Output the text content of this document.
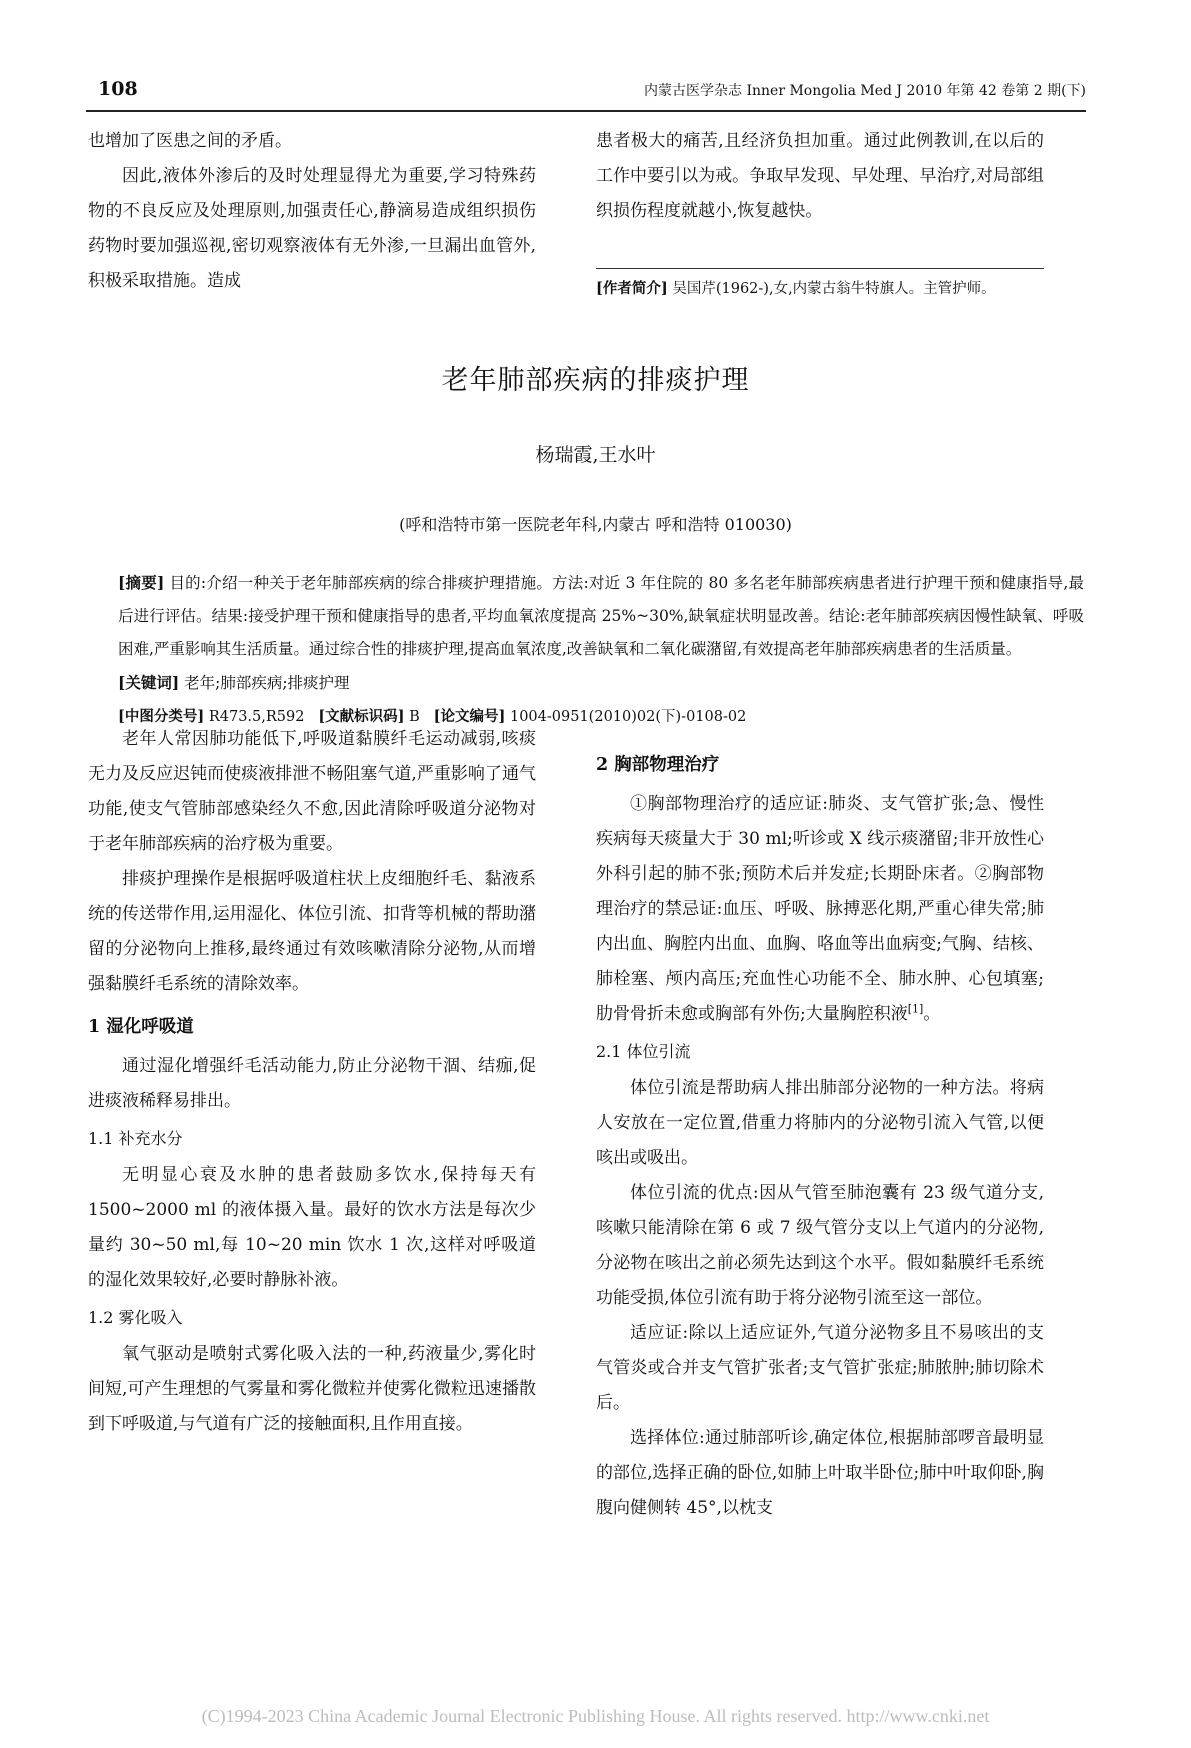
108	内蒙古医学杂志 Inner Mongolia Med J 2010 年第 42 卷第 2 期(下)

也增加了医患之间的矛盾。

因此,液体外渗后的及时处理显得尤为重要,学习特殊药物的不良反应及处理原则,加强责任心,静滴易造成组织损伤药物时要加强巡视,密切观察液体有无外渗,一旦漏出血管外,积极采取措施。造成

患者极大的痛苦,且经济负担加重。通过此例教训,在以后的工作中要引以为戒。争取早发现、早处理、早治疗,对局部组织损伤程度就越小,恢复越快。

[作者简介] 吴国芹(1962-),女,内蒙古翁牛特旗人。主管护师。
老年肺部疾病的排痰护理
杨瑞霞,王水叶
(呼和浩特市第一医院老年科,内蒙古 呼和浩特 010030)

[摘要] 目的:介绍一种关于老年肺部疾病的综合排痰护理措施。方法:对近 3 年住院的 80 多名老年肺部疾病患者进行护理干预和健康指导,最后进行评估。结果:接受护理干预和健康指导的患者,平均血氧浓度提高 25%~30%,缺氧症状明显改善。结论:老年肺部疾病因慢性缺氧、呼吸困难,严重影响其生活质量。通过综合性的排痰护理,提高血氧浓度,改善缺氧和二氧化碳潴留,有效提高老年肺部疾病患者的生活质量。

[关键词] 老年;肺部疾病;排痰护理

[中图分类号] R473.5,R592 [文献标识码] B [论文编号] 1004-0951(2010)02(下)-0108-02

老年人常因肺功能低下,呼吸道黏膜纤毛运动减弱,咳痰无力及反应迟钝而使痰液排泄不畅阻塞气道,严重影响了通气功能,使支气管肺部感染经久不愈,因此清除呼吸道分泌物对于老年肺部疾病的治疗极为重要。

排痰护理操作是根据呼吸道柱状上皮细胞纤毛、黏液系统的传送带作用,运用湿化、体位引流、扣背等机械的帮助潴留的分泌物向上推移,最终通过有效咳嗽清除分泌物,从而增强黏膜纤毛系统的清除效率。

1 湿化呼吸道

通过湿化增强纤毛活动能力,防止分泌物干涸、结痂,促进痰液稀释易排出。

1.1 补充水分

无明显心衰及水肿的患者鼓励多饮水,保持每天有 1500~2000 ml 的液体摄入量。最好的饮水方法是每次少量约 30~50 ml,每 10~20 min 饮水 1 次,这样对呼吸道的湿化效果较好,必要时静脉补液。

1.2 雾化吸入

氧气驱动是喷射式雾化吸入法的一种,药液量少,雾化时间短,可产生理想的气雾量和雾化微粒并使雾化微粒迅速播散到下呼吸道,与气道有广泛的接触面积,且作用直接。

2 胸部物理治疗

①胸部物理治疗的适应证:肺炎、支气管扩张;急、慢性疾病每天痰量大于 30 ml;听诊或 X 线示痰潴留;非开放性心外科引起的肺不张;预防术后并发症;长期卧床者。②胸部物理治疗的禁忌证:血压、呼吸、脉搏恶化期,严重心律失常;肺内出血、胸腔内出血、血胸、咯血等出血病变;气胸、结核、肺栓塞、颅内高压;充血性心功能不全、肺水肿、心包填塞;肋骨骨折未愈或胸部有外伤;大量胸腔积液[1]。

2.1 体位引流

体位引流是帮助病人排出肺部分泌物的一种方法。将病人安放在一定位置,借重力将肺内的分泌物引流入气管,以便咳出或吸出。

体位引流的优点:因从气管至肺泡囊有 23 级气道分支,咳嗽只能清除在第 6 或 7 级气管分支以上气道内的分泌物,分泌物在咳出之前必须先达到这个水平。假如黏膜纤毛系统功能受损,体位引流有助于将分泌物引流至这一部位。

适应证:除以上适应证外,气道分泌物多且不易咳出的支气管炎或合并支气管扩张者;支气管扩张症;肺脓肿;肺切除术后。

选择体位:通过肺部听诊,确定体位,根据肺部啰音最明显的部位,选择正确的卧位,如肺上叶取半卧位;肺中叶取仰卧,胸腹向健侧转 45°,以枕支

(C)1994-2023 China Academic Journal Electronic Publishing House. All rights reserved. http://www.cnki.net
